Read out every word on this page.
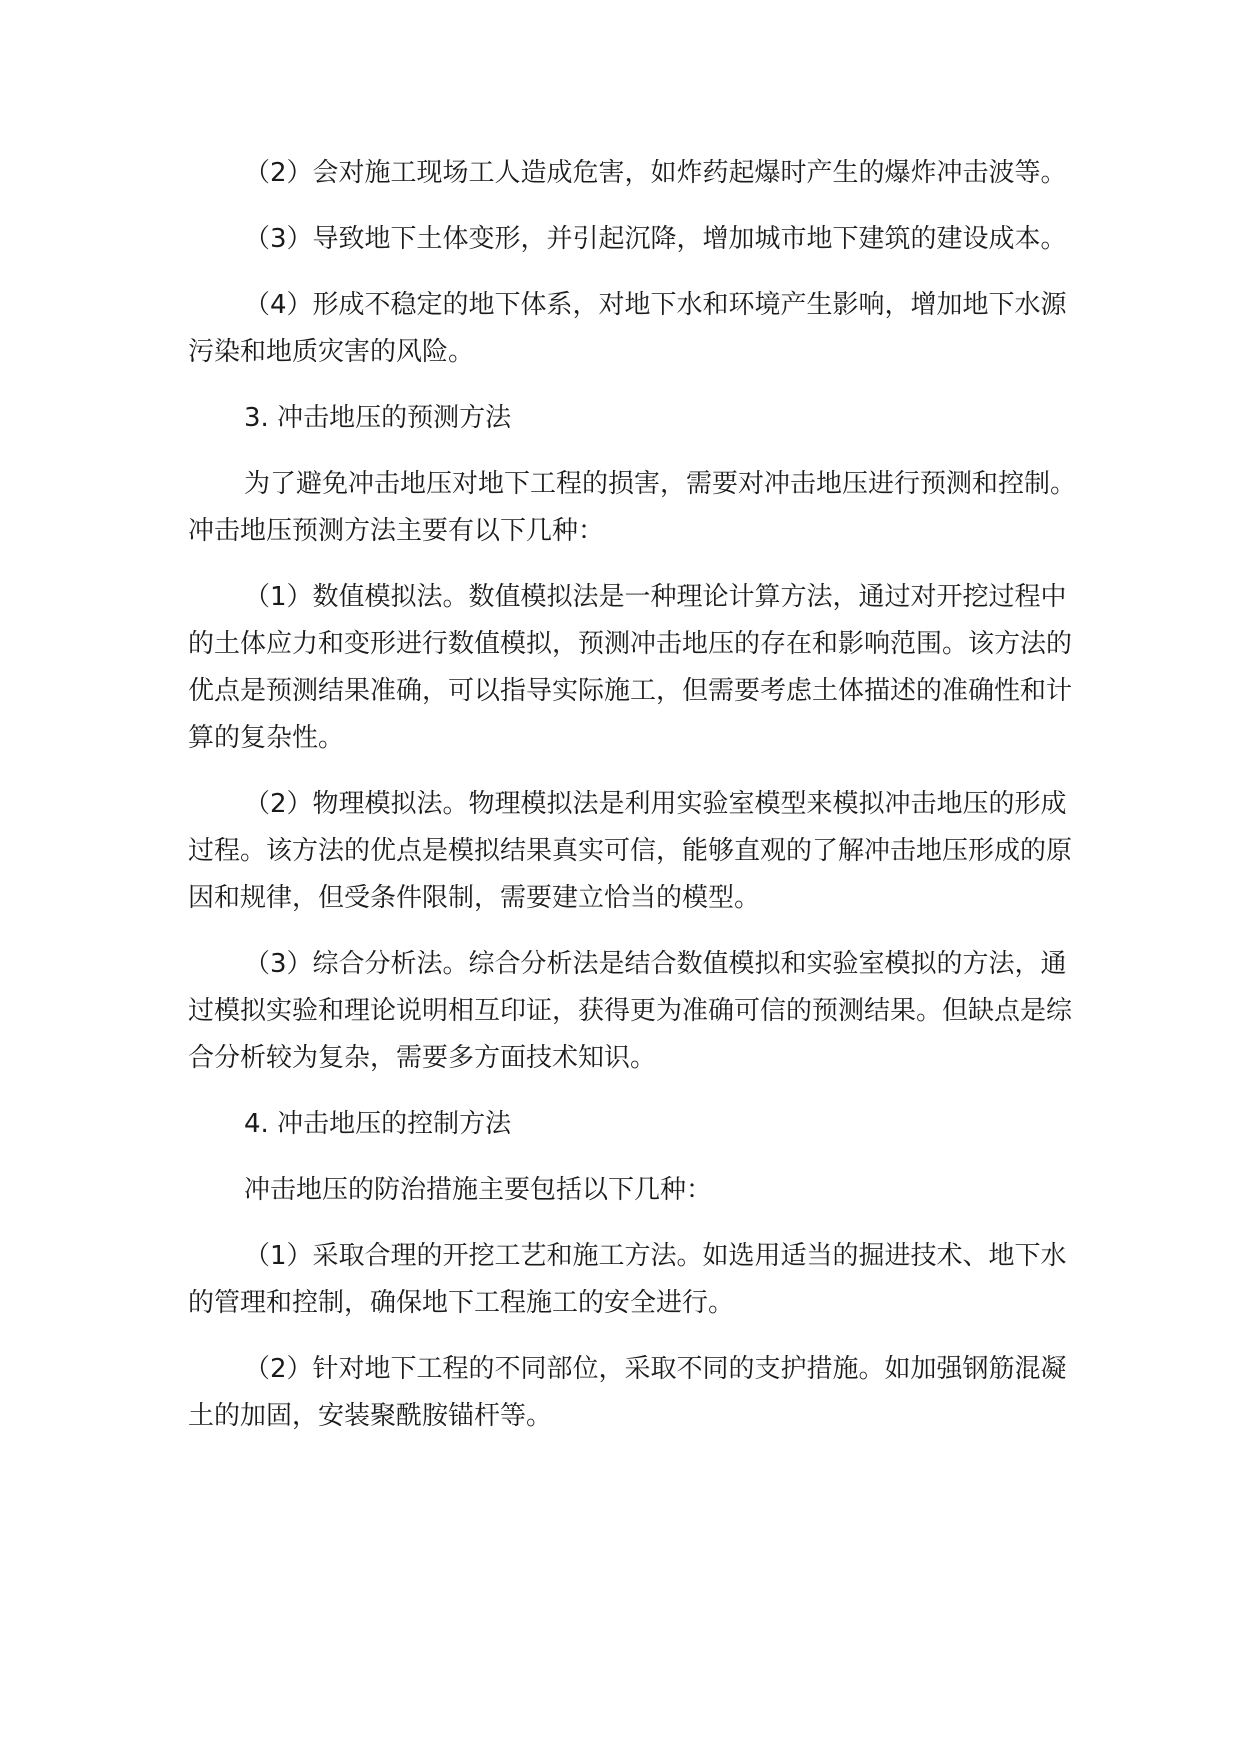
（2）会对施工现场工人造成危害，如炸药起爆时产生的爆炸冲击波等。

（3）导致地下土体变形，并引起沉降，增加城市地下建筑的建设成本。

（4）形成不稳定的地下体系，对地下水和环境产生影响，增加地下水源污染和地质灾害的风险。

3. 冲击地压的预测方法

为了避免冲击地压对地下工程的损害，需要对冲击地压进行预测和控制。冲击地压预测方法主要有以下几种：

（1）数值模拟法。数值模拟法是一种理论计算方法，通过对开挖过程中的土体应力和变形进行数值模拟，预测冲击地压的存在和影响范围。该方法的优点是预测结果准确，可以指导实际施工，但需要考虑土体描述的准确性和计算的复杂性。

（2）物理模拟法。物理模拟法是利用实验室模型来模拟冲击地压的形成过程。该方法的优点是模拟结果真实可信，能够直观的了解冲击地压形成的原因和规律，但受条件限制，需要建立恰当的模型。

（3）综合分析法。综合分析法是结合数值模拟和实验室模拟的方法，通过模拟实验和理论说明相互印证，获得更为准确可信的预测结果。但缺点是综合分析较为复杂，需要多方面技术知识。

4. 冲击地压的控制方法

冲击地压的防治措施主要包括以下几种：

（1）采取合理的开挖工艺和施工方法。如选用适当的掘进技术、地下水的管理和控制，确保地下工程施工的安全进行。

（2）针对地下工程的不同部位，采取不同的支护措施。如加强钢筋混凝土的加固，安装聚酰胺锚杆等。
